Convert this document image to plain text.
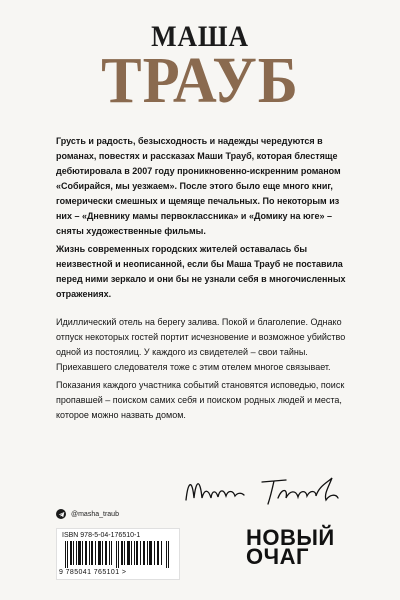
МАША
ТРАУБ

Грусть и радость, безысходность и надежды чередуются в романах, повестях и рассказах Маши Трауб, которая блестяще дебютировала в 2007 году проникновенно-искренним романом «Собирайся, мы уезжаем». После этого было еще много книг, гомерически смешных и щемяще печальных. По некоторым из них – «Дневнику мамы первоклассника» и «Домику на юге» – сняты художественные фильмы.

Жизнь современных городских жителей оставалась бы неизвестной и неописанной, если бы Маша Трауб не поставила перед ними зеркало и они бы не узнали себя в многочисленных отражениях.

Идиллический отель на берегу залива. Покой и благолепие. Однако отпуск некоторых гостей портит исчезновение и возможное убийство одной из постоялиц. У каждого из свидетелей – свои тайны. Приехавшего следователя тоже с этим отелем многое связывает.

Показания каждого участника событий становятся исповедью, поиск пропавшей – поиском самих себя и поиском родных людей и места, которое можно назвать домом.

@masha_traub
ISBN 978-5-04-176510-1
9 785041 765101 >
НОВЫЙ
ОЧАГ
